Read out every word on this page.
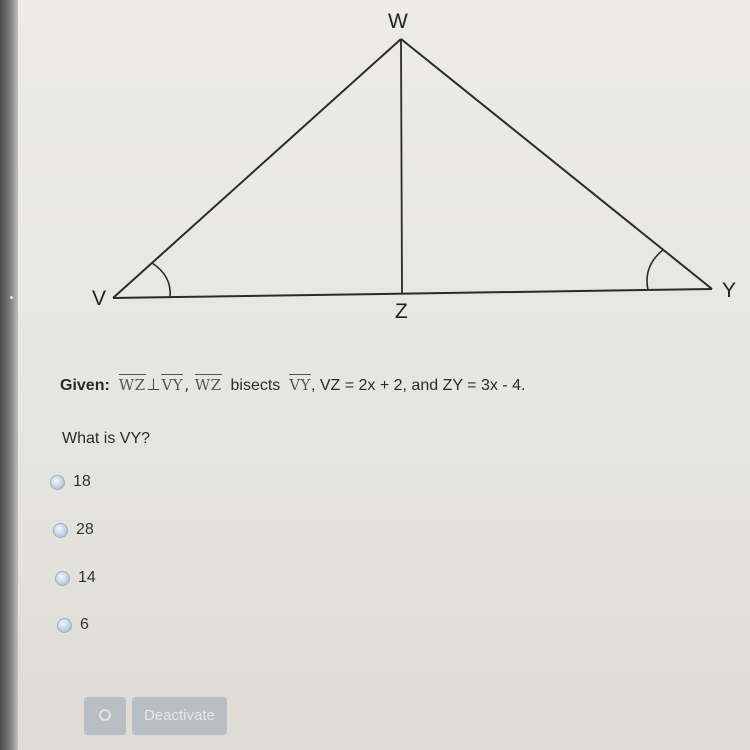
W
V	Y
Z
Given:
WZ ⊥ VY ,
WZ
bisects
VY , VZ = 2x + 2, and ZY = 3x - 4.
What is VY?
18
28
14
6
Deactivate
